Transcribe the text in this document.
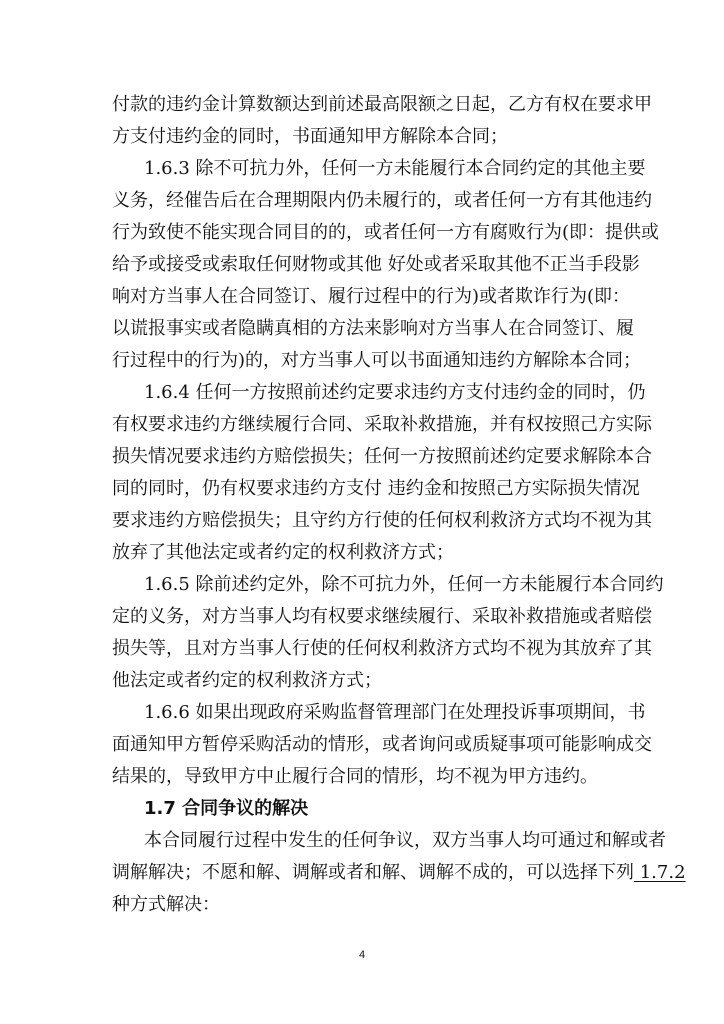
付款的违约金计算数额达到前述最高限额之日起，乙方有权在要求甲
方支付违约金的同时，书面通知甲方解除本合同；
1.6.3 除不可抗力外，任何一方未能履行本合同约定的其他主要
义务，经催告后在合理期限内仍未履行的，或者任何一方有其他违约
行为致使不能实现合同目的的，或者任何一方有腐败行为(即：提供或
给予或接受或索取任何财物或其他 好处或者采取其他不正当手段影
响对方当事人在合同签订、履行过程中的行为)或者欺诈行为(即：
以谎报事实或者隐瞒真相的方法来影响对方当事人在合同签订、履
行过程中的行为)的，对方当事人可以书面通知违约方解除本合同；
1.6.4 任何一方按照前述约定要求违约方支付违约金的同时，仍
有权要求违约方继续履行合同、采取补救措施，并有权按照己方实际
损失情况要求违约方赔偿损失；任何一方按照前述约定要求解除本合
同的同时，仍有权要求违约方支付 违约金和按照己方实际损失情况
要求违约方赔偿损失；且守约方行使的任何权利救济方式均不视为其
放弃了其他法定或者约定的权利救济方式；
1.6.5 除前述约定外，除不可抗力外，任何一方未能履行本合同约
定的义务，对方当事人均有权要求继续履行、采取补救措施或者赔偿
损失等，且对方当事人行使的任何权利救济方式均不视为其放弃了其
他法定或者约定的权利救济方式；
1.6.6 如果出现政府采购监督管理部门在处理投诉事项期间，书
面通知甲方暂停采购活动的情形，或者询问或质疑事项可能影响成交
结果的，导致甲方中止履行合同的情形，均不视为甲方违约。
1.7 合同争议的解决
本合同履行过程中发生的任何争议，双方当事人均可通过和解或者
调解解决；不愿和解、调解或者和解、调解不成的，可以选择下列 1.7.2
种方式解决：
4
